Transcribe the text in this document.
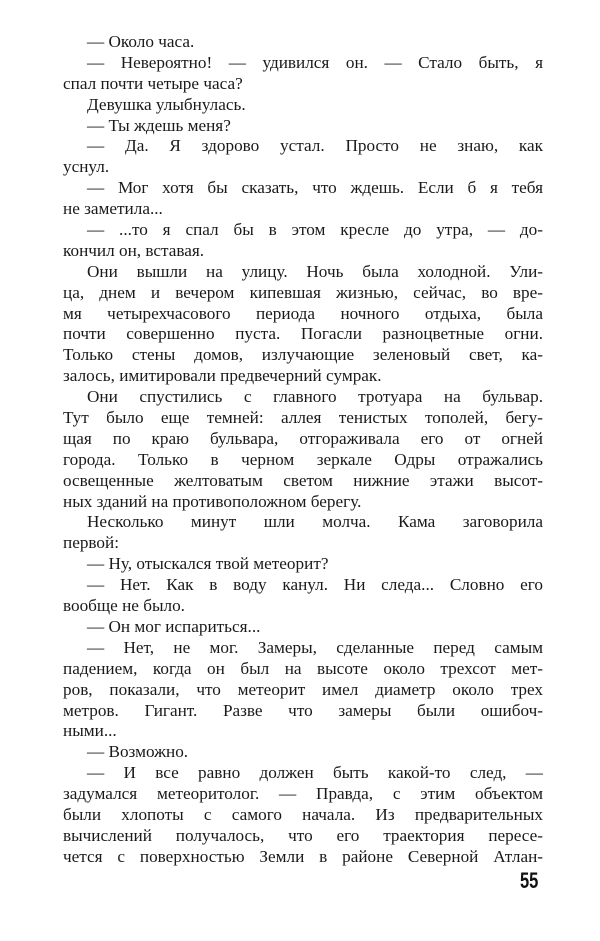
— Около часа.
— Невероятно! — удивился он. — Стало быть, я
спал почти четыре часа?
Девушка улыбнулась.
— Ты ждешь меня?
— Да. Я здорово устал. Просто не знаю, как
уснул.
— Мог хотя бы сказать, что ждешь. Если б я тебя
не заметила...
— ...то я спал бы в этом кресле до утра, — до-
кончил он, вставая.
Они вышли на улицу. Ночь была холодной. Ули-
ца, днем и вечером кипевшая жизнью, сейчас, во вре-
мя четырехчасового периода ночного отдыха, была
почти совершенно пуста. Погасли разноцветные огни.
Только стены домов, излучающие зеленовый свет, ка-
залось, имитировали предвечерний сумрак.
Они спустились с главного тротуара на бульвар.
Тут было еще темней: аллея тенистых тополей, бегу-
щая по краю бульвара, отгораживала его от огней
города. Только в черном зеркале Одры отражались
освещенные желтоватым светом нижние этажи высот-
ных зданий на противоположном берегу.
Несколько минут шли молча. Кама заговорила
первой:
— Ну, отыскался твой метеорит?
— Нет. Как в воду канул. Ни следа... Словно его
вообще не было.
— Он мог испариться...
— Нет, не мог. Замеры, сделанные перед самым
падением, когда он был на высоте около трехсот мет-
ров, показали, что метеорит имел диаметр около трех
метров. Гигант. Разве что замеры были ошибоч-
ными...
— Возможно.
— И все равно должен быть какой-то след, —
задумался метеоритолог. — Правда, с этим объектом
были хлопоты с самого начала. Из предварительных
вычислений получалось, что его траектория пересе-
чется с поверхностью Земли в районе Северной Атлан-
55
